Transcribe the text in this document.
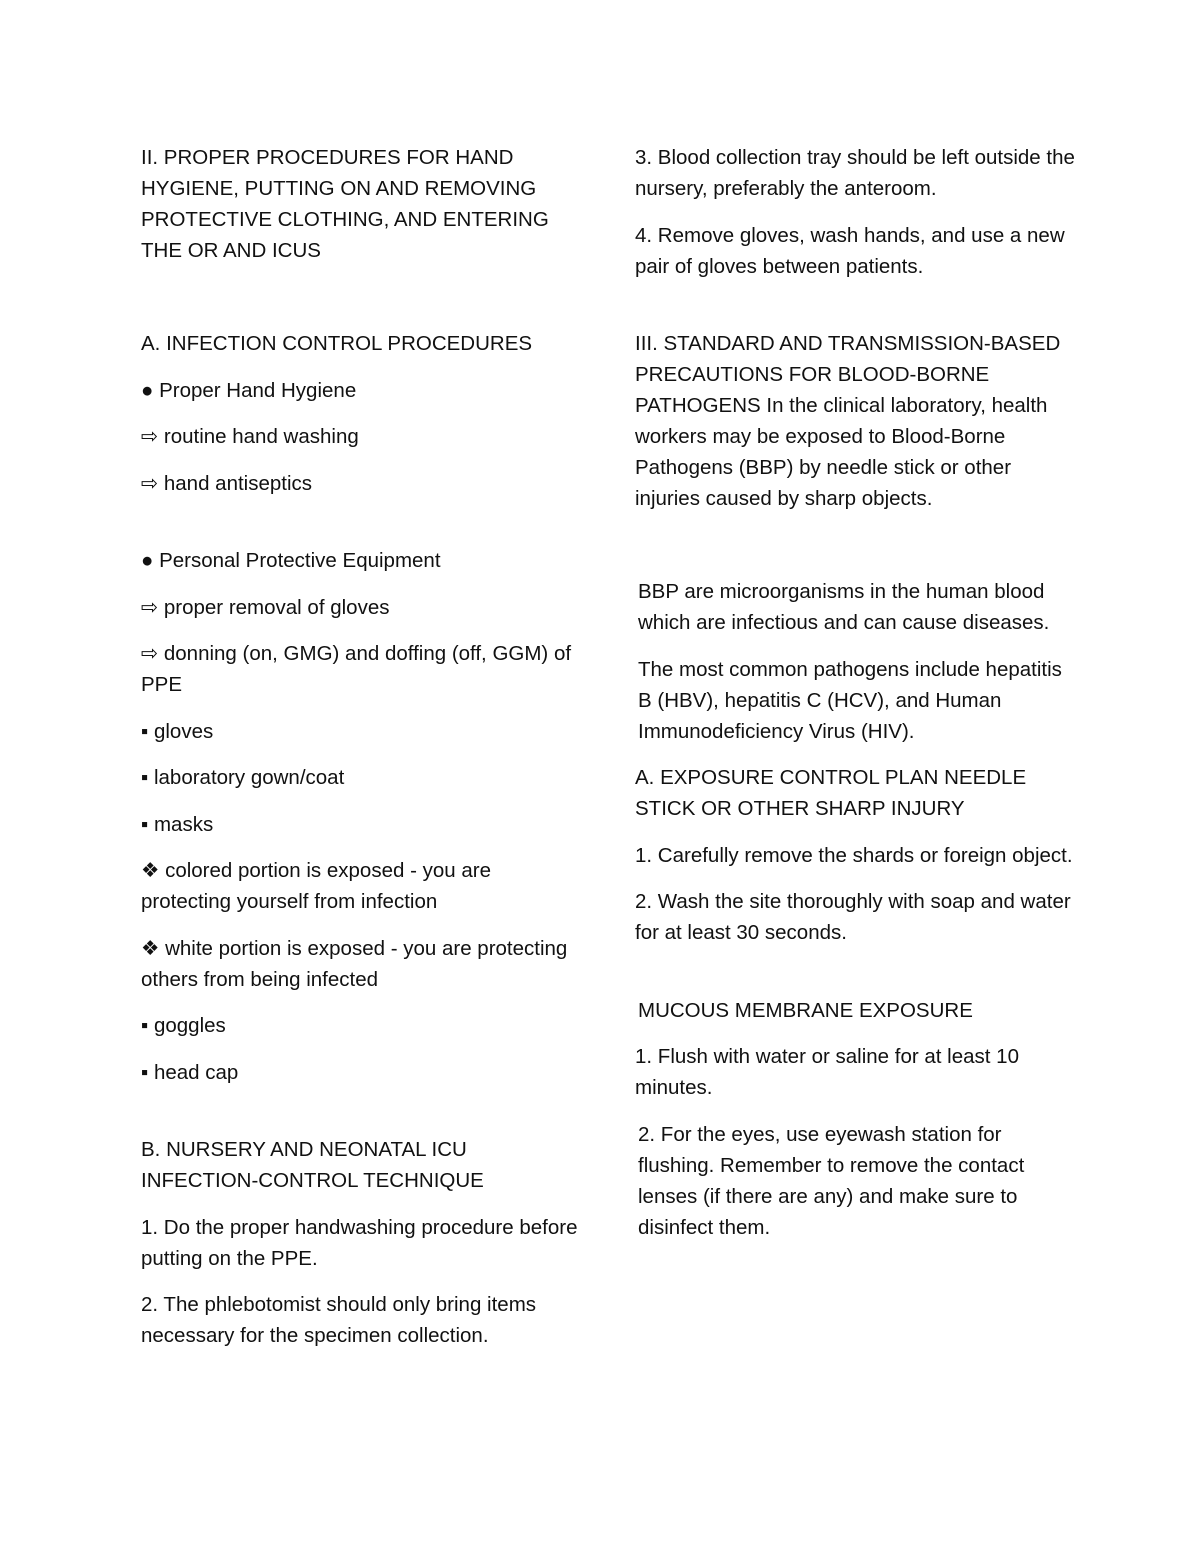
II. PROPER PROCEDURES FOR HAND HYGIENE, PUTTING ON AND REMOVING PROTECTIVE CLOTHING, AND ENTERING THE OR AND ICUS

A. INFECTION CONTROL PROCEDURES

● Proper Hand Hygiene

⇨ routine hand washing

⇨ hand antiseptics

● Personal Protective Equipment

⇨ proper removal of gloves

⇨ donning (on, GMG) and doffing (off, GGM) of PPE

▪ gloves

▪ laboratory gown/coat

▪ masks

❖ colored portion is exposed - you are protecting yourself from infection

❖ white portion is exposed - you are protecting others from being infected

▪ goggles

▪ head cap

B. NURSERY AND NEONATAL ICU INFECTION-CONTROL TECHNIQUE

1. Do the proper handwashing procedure before putting on the PPE.

2. The phlebotomist should only bring items necessary for the specimen collection.

3. Blood collection tray should be left outside the nursery, preferably the anteroom.

4. Remove gloves, wash hands, and use a new pair of gloves between patients.

III. STANDARD AND TRANSMISSION-BASED PRECAUTIONS FOR BLOOD-BORNE PATHOGENS In the clinical laboratory, health workers may be exposed to Blood-Borne Pathogens (BBP) by needle stick or other injuries caused by sharp objects.

BBP are microorganisms in the human blood which are infectious and can cause diseases.

The most common pathogens include hepatitis B (HBV), hepatitis C (HCV), and Human Immunodeficiency Virus (HIV).

A. EXPOSURE CONTROL PLAN NEEDLE STICK OR OTHER SHARP INJURY

1. Carefully remove the shards or foreign object.

2. Wash the site thoroughly with soap and water for at least 30 seconds.

MUCOUS MEMBRANE EXPOSURE

1. Flush with water or saline for at least 10 minutes.

2. For the eyes, use eyewash station for flushing. Remember to remove the contact lenses (if there are any) and make sure to disinfect them.
